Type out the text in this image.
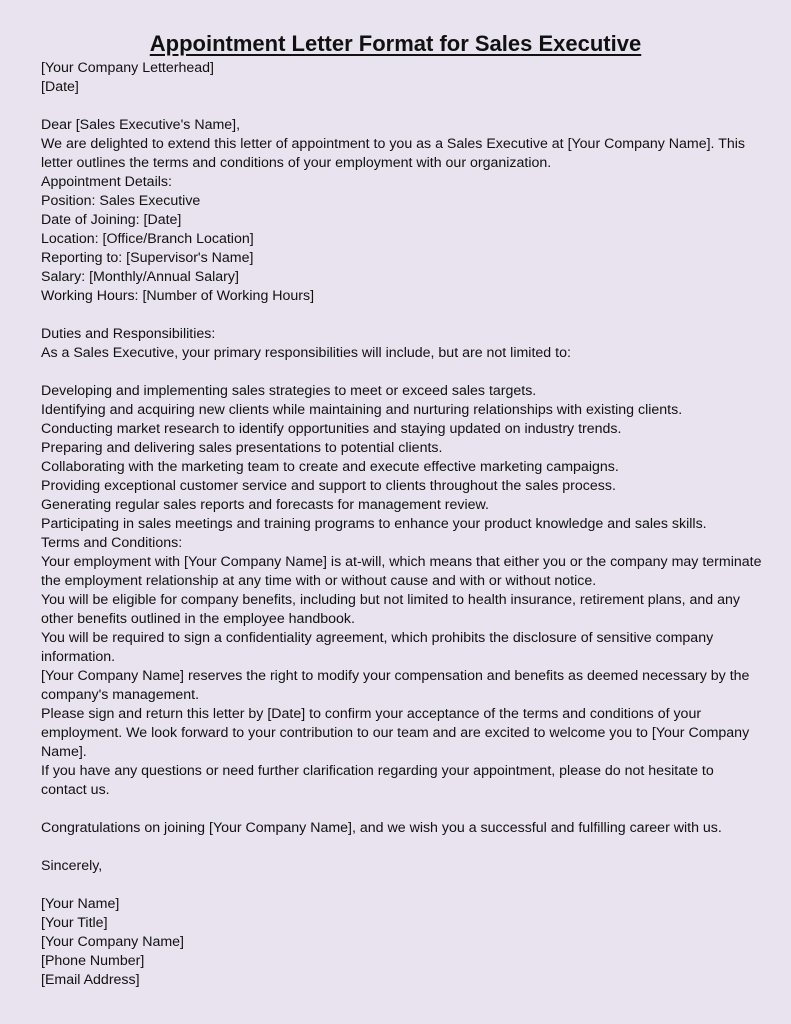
Appointment Letter Format for Sales Executive
[Your Company Letterhead]
[Date]
Dear [Sales Executive's Name],
We are delighted to extend this letter of appointment to you as a Sales Executive at [Your Company Name]. This
letter outlines the terms and conditions of your employment with our organization.
Appointment Details:
Position: Sales Executive
Date of Joining: [Date]
Location: [Office/Branch Location]
Reporting to: [Supervisor's Name]
Salary: [Monthly/Annual Salary]
Working Hours: [Number of Working Hours]
Duties and Responsibilities:
As a Sales Executive, your primary responsibilities will include, but are not limited to:
Developing and implementing sales strategies to meet or exceed sales targets.
Identifying and acquiring new clients while maintaining and nurturing relationships with existing clients.
Conducting market research to identify opportunities and staying updated on industry trends.
Preparing and delivering sales presentations to potential clients.
Collaborating with the marketing team to create and execute effective marketing campaigns.
Providing exceptional customer service and support to clients throughout the sales process.
Generating regular sales reports and forecasts for management review.
Participating in sales meetings and training programs to enhance your product knowledge and sales skills.
Terms and Conditions:
Your employment with [Your Company Name] is at-will, which means that either you or the company may terminate
the employment relationship at any time with or without cause and with or without notice.
You will be eligible for company benefits, including but not limited to health insurance, retirement plans, and any
other benefits outlined in the employee handbook.
You will be required to sign a confidentiality agreement, which prohibits the disclosure of sensitive company
information.
[Your Company Name] reserves the right to modify your compensation and benefits as deemed necessary by the
company's management.
Please sign and return this letter by [Date] to confirm your acceptance of the terms and conditions of your
employment. We look forward to your contribution to our team and are excited to welcome you to [Your Company
Name].
If you have any questions or need further clarification regarding your appointment, please do not hesitate to
contact us.
Congratulations on joining [Your Company Name], and we wish you a successful and fulfilling career with us.
Sincerely,
[Your Name]
[Your Title]
[Your Company Name]
[Phone Number]
[Email Address]
